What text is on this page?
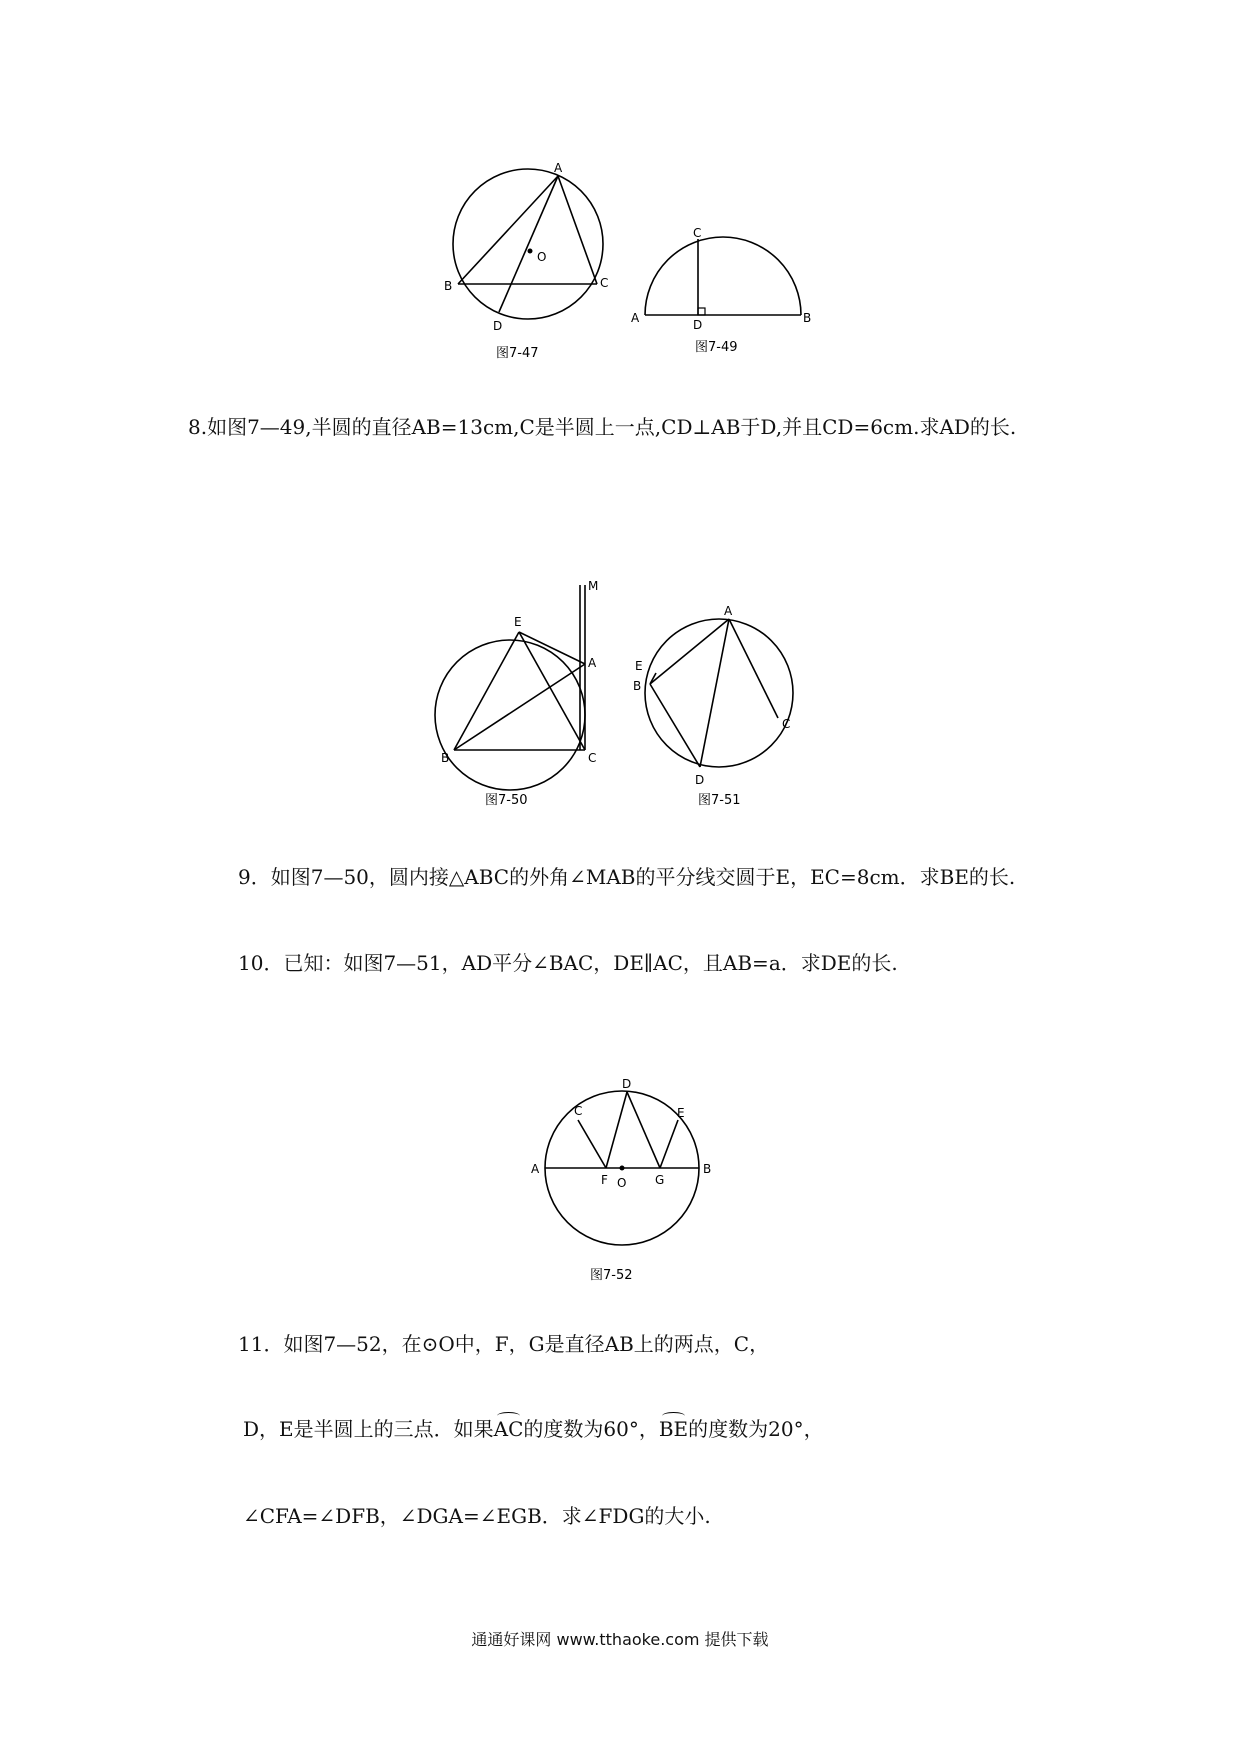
A
B	C
D
O
图7-47
C
A	B
D
图7-49
M
E
A
B	C
图7-50
A
E
B
C
D
图7-51
C
D
E
A	B
F	G
O
图7-52

8.如图7—49,半圆的直径AB=13cm,C是半圆上一点,CD⊥AB于D,并且CD=6cm.求AD的长.

9．如图7—50，圆内接△ABC的外角∠MAB的平分线交圆于E，EC=8cm．求BE的长.

10．已知：如图7—51，AD平分∠BAC，DE∥AC，且AB=a．求DE的长.

11．如图7—52，在⊙O中，F，G是直径AB上的两点，C，
D，E是半圆上的三点．如果AC的度数为60°，BE的度数为20°，
∠CFA=∠DFB，∠DGA=∠EGB．求∠FDG的大小.
通通好课网 www.tthaoke.com 提供下载
